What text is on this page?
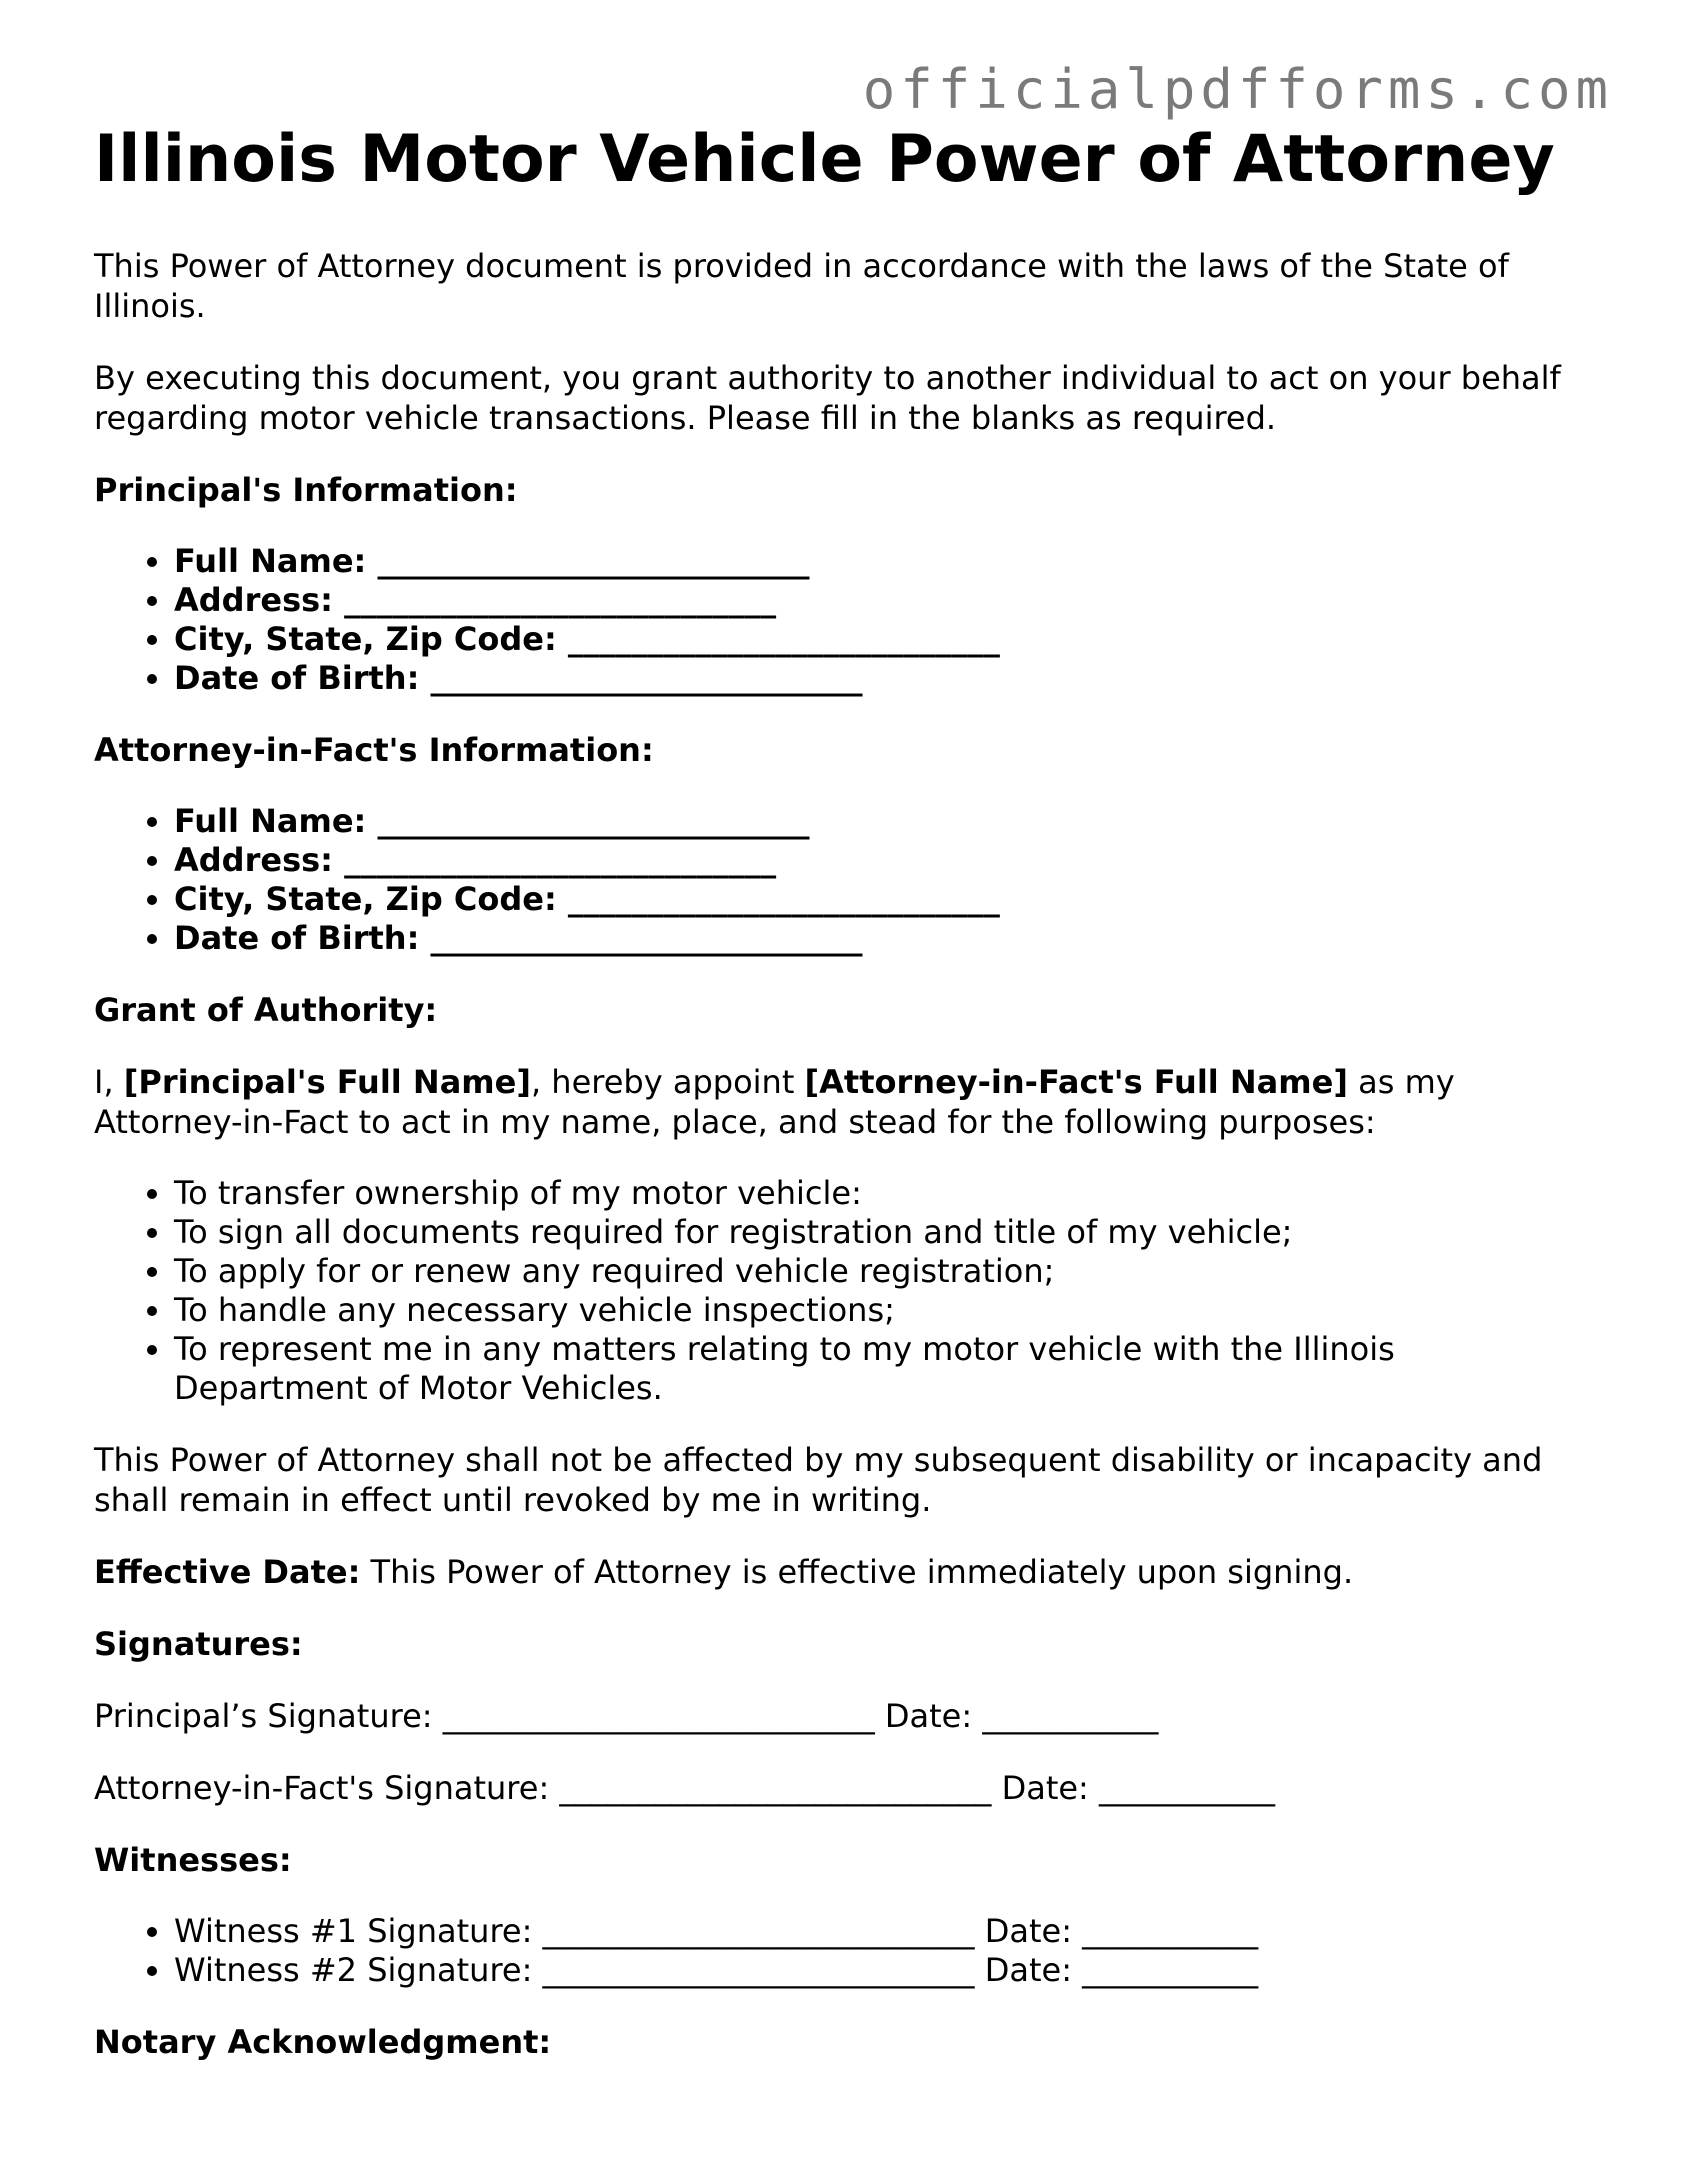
officialpdfforms.com
Illinois Motor Vehicle Power of Attorney

This Power of Attorney document is provided in accordance with the laws of the State of Illinois.

By executing this document, you grant authority to another individual to act on your behalf regarding motor vehicle transactions. Please fill in the blanks as required.

Principal's Information:

• Full Name: ___________________________
• Address: ___________________________
• City, State, Zip Code: ___________________________
• Date of Birth: ___________________________

Attorney-in-Fact's Information:

• Full Name: ___________________________
• Address: ___________________________
• City, State, Zip Code: ___________________________
• Date of Birth: ___________________________

Grant of Authority:

I, [Principal's Full Name], hereby appoint [Attorney-in-Fact's Full Name] as my Attorney-in-Fact to act in my name, place, and stead for the following purposes:

• To transfer ownership of my motor vehicle:
• To sign all documents required for registration and title of my vehicle;
• To apply for or renew any required vehicle registration;
• To handle any necessary vehicle inspections;
• To represent me in any matters relating to my motor vehicle with the Illinois Department of Motor Vehicles.

This Power of Attorney shall not be affected by my subsequent disability or incapacity and shall remain in effect until revoked by me in writing.

Effective Date: This Power of Attorney is effective immediately upon signing.

Signatures:

Principal’s Signature: ___________________________ Date: ___________

Attorney-in-Fact's Signature: ___________________________ Date: ___________

Witnesses:

• Witness #1 Signature: ___________________________ Date: ___________
• Witness #2 Signature: ___________________________ Date: ___________

Notary Acknowledgment:
